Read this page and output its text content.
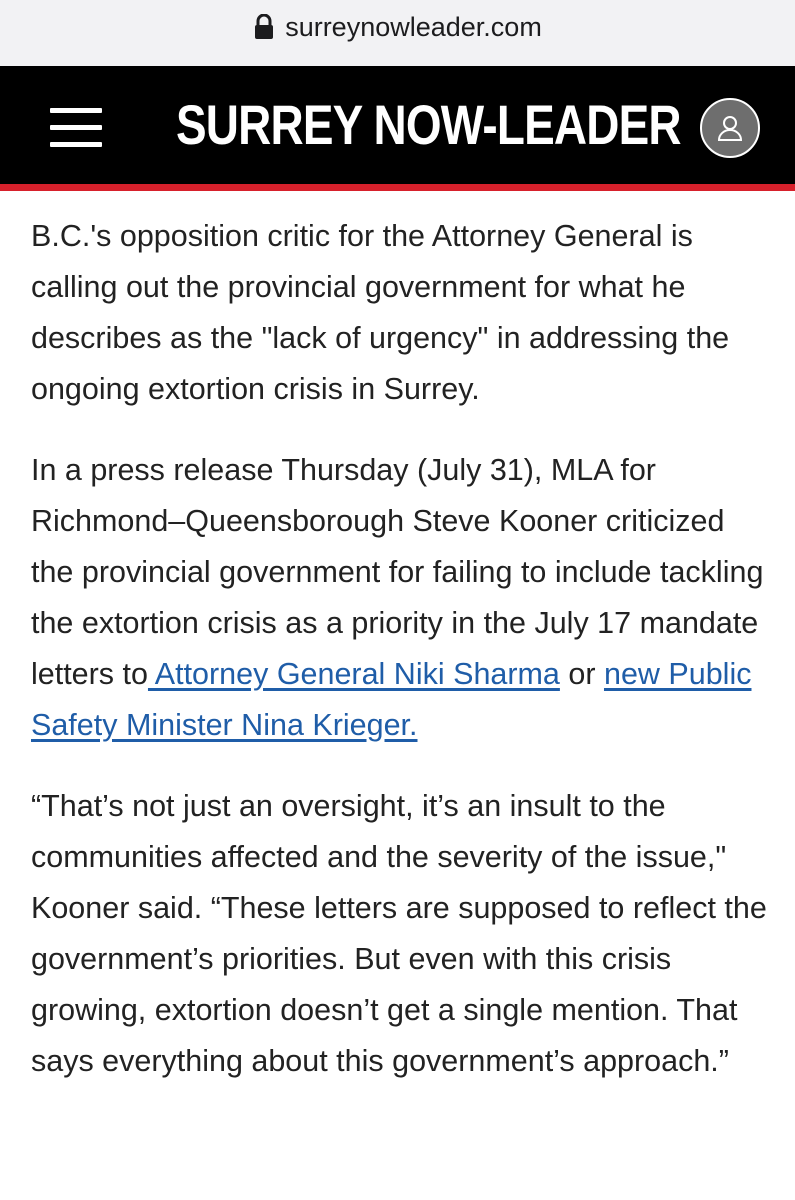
surreynowleader.com
SURREY NOW-LEADER

B.C.'s opposition critic for the Attorney General is calling out the provincial government for what he describes as the "lack of urgency" in addressing the ongoing extortion crisis in Surrey.

In a press release Thursday (July 31), MLA for Richmond–Queensborough Steve Kooner criticized the provincial government for failing to include tackling the extortion crisis as a priority in the July 17 mandate letters to Attorney General Niki Sharma or new Public Safety Minister Nina Krieger.

“That’s not just an oversight, it’s an insult to the communities affected and the severity of the issue," Kooner said. “These letters are supposed to reflect the government’s priorities. But even with this crisis growing, extortion doesn’t get a single mention. That says everything about this government’s approach.”
